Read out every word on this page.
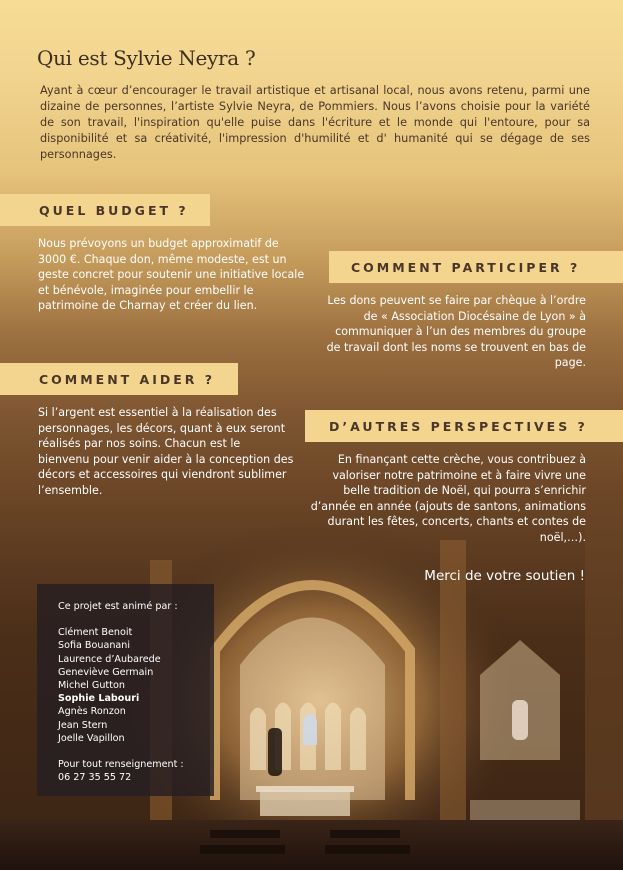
Qui est Sylvie Neyra ?

Ayant à cœur d’encourager le travail artistique et artisanal local, nous avons retenu, parmi une dizaine de personnes, l’artiste Sylvie Neyra, de Pommiers. Nous l’avons choisie pour la variété de son travail, l'inspiration qu'elle puise dans l'écriture et le monde qui l'entoure, pour sa disponibilité et sa créativité, l'impression d'humilité et d' humanité qui se dégage de ses personnages.

QUEL BUDGET ?

Nous prévoyons un budget approximatif de 3000 €. Chaque don, même modeste, est un geste concret pour soutenir une initiative locale et bénévole, imaginée pour embellir le patrimoine de Charnay et créer du lien.

COMMENT PARTICIPER ?

Les dons peuvent se faire par chèque à l’ordre de « Association Diocésaine de Lyon » à communiquer à l’un des membres du groupe de travail dont les noms se trouvent en bas de page.

COMMENT AIDER ?

Si l’argent est essentiel à la réalisation des personnages, les décors, quant à eux seront réalisés par nos soins. Chacun est le bienvenu pour venir aider à la conception des décors et accessoires qui viendront sublimer l’ensemble.

D’AUTRES PERSPECTIVES ?

En finançant cette crèche, vous contribuez à valoriser notre patrimoine et à faire vivre une belle tradition de Noël, qui pourra s’enrichir d’année en année (ajouts de santons, animations durant les fêtes, concerts, chants et contes de noël,…).

Merci de votre soutien !

Ce projet est animé par :

Clément Benoit
Sofia Bouanani
Laurence d’Aubarede
Geneviève Germain
Michel Gutton
Sophie Labouri
Agnès Ronzon
Jean Stern
Joelle Vapillon

Pour tout renseignement :

06 27 35 55 72
